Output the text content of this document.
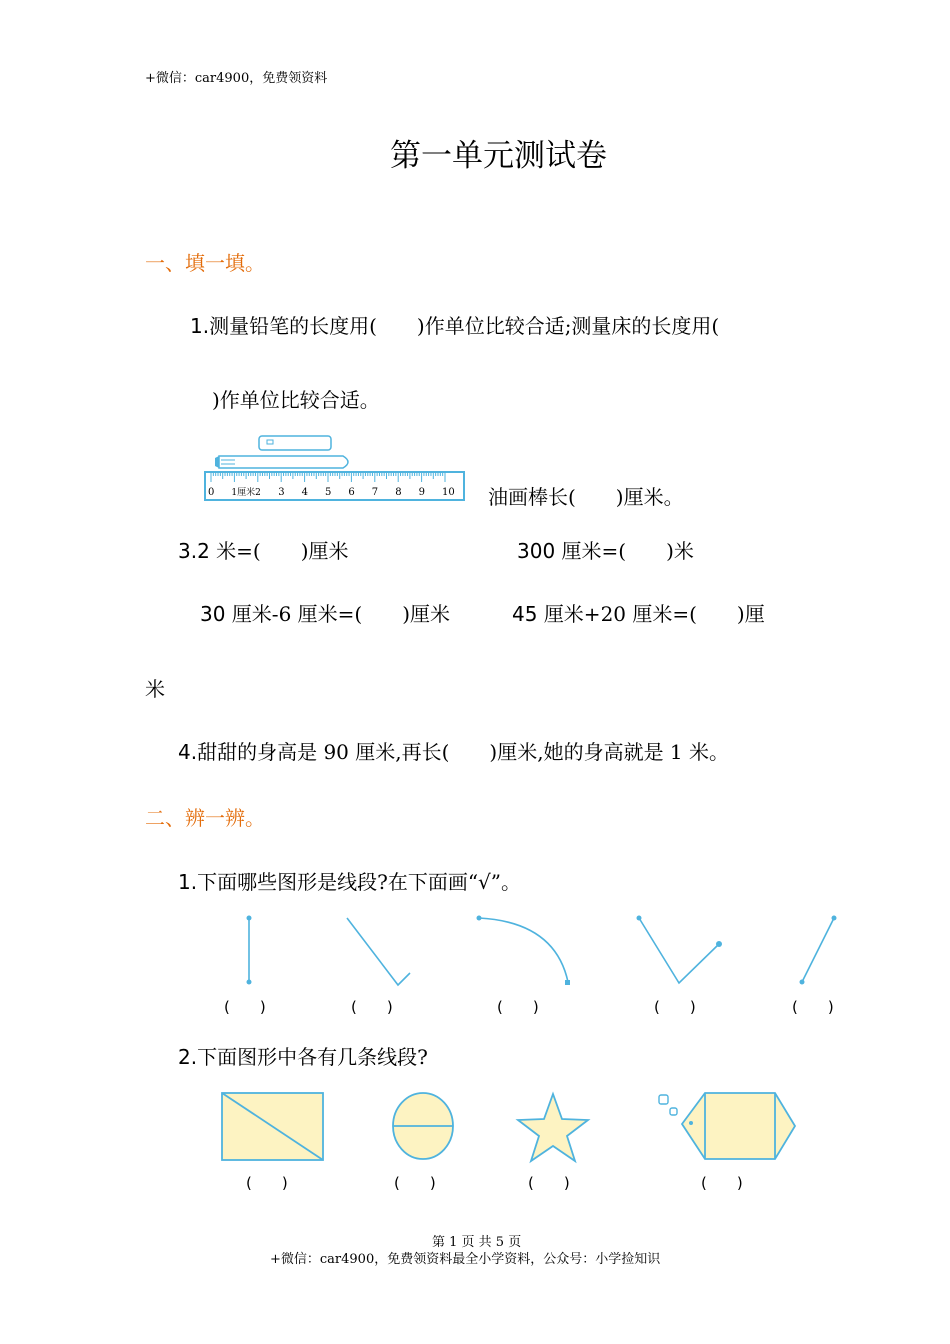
+微信：car4900，免费领资料
第一单元测试卷
一、填一填。
1.测量铅笔的长度用(　　)作单位比较合适;测量床的长度用(
)作单位比较合适。
0 1厘米2 3 4 5 6 7 8 9 10 油画棒长(　　)厘米。
3.2 米=(　　)厘米	300 厘米=(　　)米
30 厘米-6 厘米=(　　)厘米	45 厘米+20 厘米=(　　)厘
米
4.甜甜的身高是 90 厘米,再长(　　)厘米,她的身高就是 1 米。
二、辨一辨。
1.下面哪些图形是线段?在下面画“√”。
(　　)	(　　)	(　　)	(　　)	(　　)
2.下面图形中各有几条线段?
(　　)	(　　)	(　　)	(　　)
第 1 页 共 5 页
+微信：car4900，免费领资料最全小学资料，公众号：小学捡知识
